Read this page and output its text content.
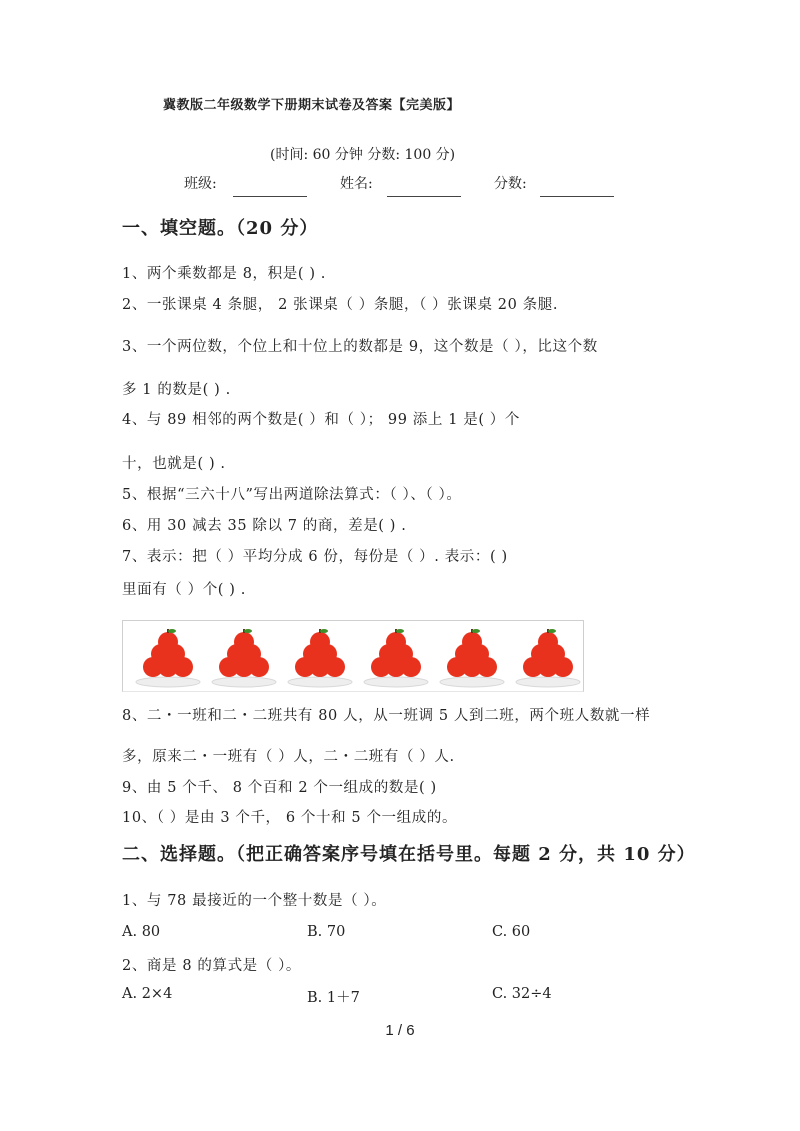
冀教版二年级数学下册期末试卷及答案【完美版】
(时间: 60 分钟 分数: 100 分)
班级:	姓名:	分数:
一、填空题。（20 分）
1、两个乘数都是 8，积是( ) .
2、一张课桌 4 条腿， 2 张课桌（ ）条腿，（ ）张课桌 20 条腿.
3、一个两位数，个位上和十位上的数都是 9，这个数是（ ），比这个数
多 1 的数是( ) .
4、与 89 相邻的两个数是( ）和（ ）； 99 添上 1 是( ）个
十，也就是( ) .
5、根据“三六十八”写出两道除法算式：（ ）、（ ）。
6、用 30 减去 35 除以 7 的商，差是( ) .
7、表示：把（ ）平均分成 6 份，每份是（ ）. 表示：( )
里面有（ ）个( ) .
8、二・一班和二・二班共有 80 人，从一班调 5 人到二班，两个班人数就一样
多，原来二・一班有（ ）人，二・二班有（ ）人.
9、由 5 个千、 8 个百和 2 个一组成的数是( )
10、（ ）是由 3 个千， 6 个十和 5 个一组成的。
二、选择题。（把正确答案序号填在括号里。每题 2 分，共 10 分）
1、与 78 最接近的一个整十数是（ ）。
A. 80	B. 70	C. 60
2、商是 8 的算式是（ ）。
A. 2×4	B. 1＋7	C. 32÷4
1 / 6
